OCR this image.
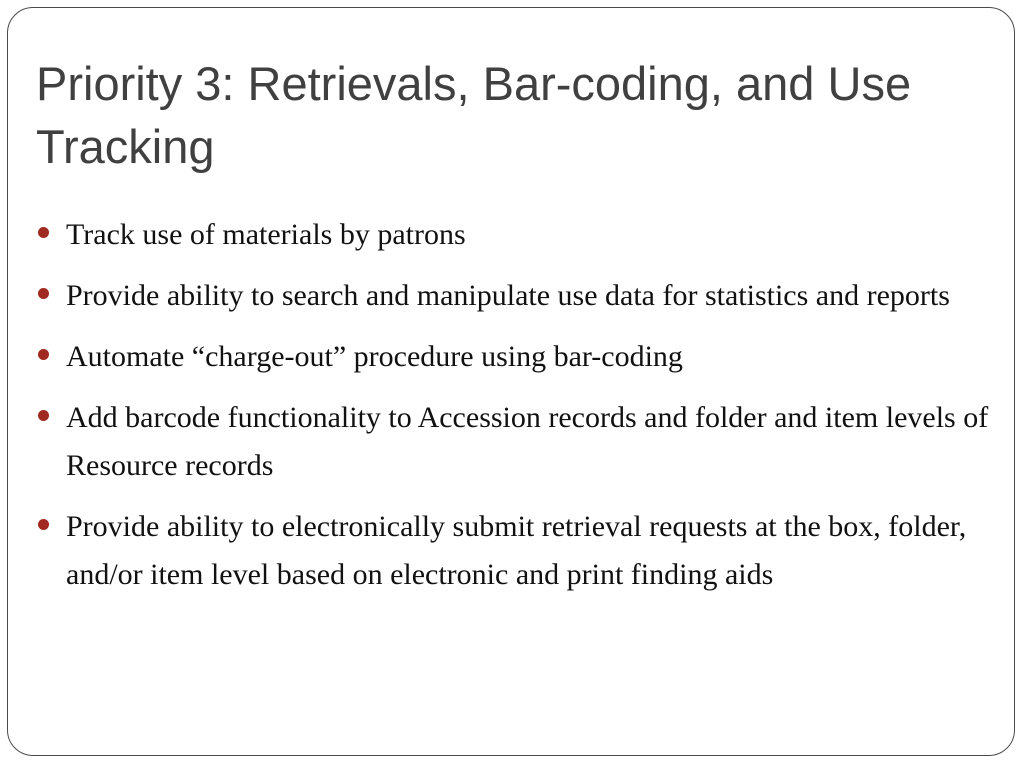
Priority 3: Retrievals, Bar-coding, and Use Tracking
Track use of materials by patrons
Provide ability to search and manipulate use data for statistics and reports
Automate “charge-out” procedure using bar-coding
Add barcode functionality to Accession records and folder and item levels of Resource records
Provide ability to electronically submit retrieval requests at the box, folder, and/or item level based on electronic and print finding aids
